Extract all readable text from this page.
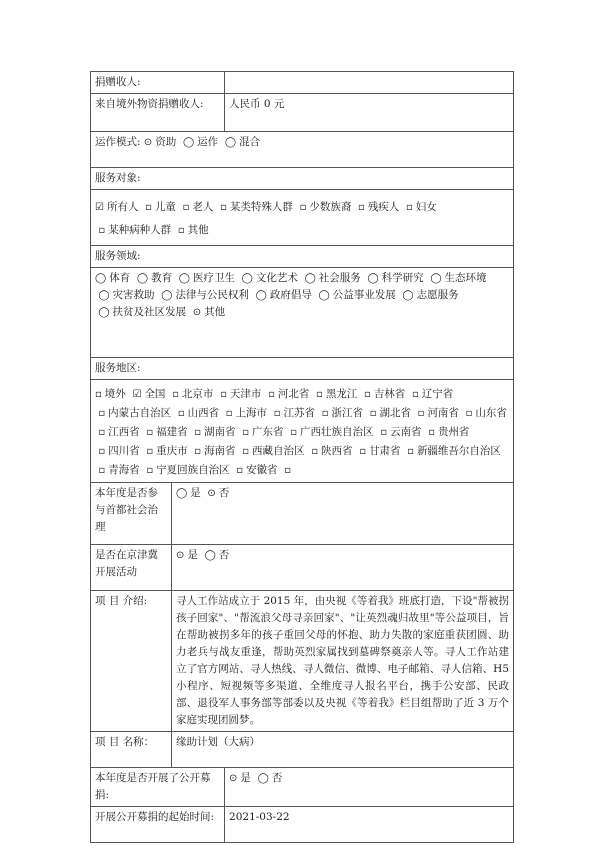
捐赠收人:		
来自境外物资捐赠收人:		人民币 0 元
运作模式: ⊙ 资助 ◯ 运作 ◯ 混合		
服务对象:		
☑ 所有人 ▫ 儿童 ▫ 老人 ▫ 某类特殊人群 ▫ 少数族裔 ▫ 残疾人 ▫ 妇女  ▫ 某种病种人群 ▫ 其他		
服务领域:		
◯ 体育 ◯ 教育 ◯ 医疗卫生 ◯ 文化艺术 ◯ 社会服务 ◯ 科学研究 ◯ 生态环境  ◯ 灾害救助 ◯ 法律与公民权利 ◯ 政府倡导 ◯ 公益事业发展 ◯ 志愿服务  ◯ 扶贫及社区发展 ⊙ 其他		
服务地区:		
▫ 境外 ☑ 全国 ▫ 北京市 ▫ 天津市 ▫ 河北省 ▫ 黑龙江 ▫ 吉林省 ▫ 辽宁省  ▫ 内蒙古自治区 ▫ 山西省 ▫ 上海市 ▫ 江苏省 ▫ 浙江省 ▫ 湖北省 ▫ 河南省 ▫ 山东省  ▫ 江西省 ▫ 福建省 ▫ 湖南省 ▫ 广东省 ▫ 广西壮族自治区 ▫ 云南省 ▫ 贵州省  ▫ 四川省 ▫ 重庆市 ▫ 海南省 ▫ 西藏自治区 ▫ 陕西省 ▫ 甘肃省 ▫ 新疆维吾尔自治区  ▫ 青海省 ▫ 宁夏回族自治区 ▫ 安徽省 ▫		
本年度是否参与首都社会治理	◯ 是 ⊙ 否	
是否在京津冀开展活动	⊙ 是 ◯ 否	
项 目 介绍:	寻人工作站成立于 2015 年，由央视《等着我》班底打造，下设"帮被拐孩子回家"、"帮流浪父母寻亲回家"、"让英烈魂归故里"等公益项目，旨在帮助被拐多年的孩子重回父母的怀抱、助力失散的家庭重获团圆、助力老兵与战友重逢，帮助英烈家属找到墓碑祭奠亲人等。寻人工作站建立了官方网站、寻人热线、寻人微信、微博、电子邮箱、寻人信箱、H5 小程序、短视频等多渠道、全维度寻人报名平台，携手公安部、民政部、退役军人事务部等部委以及央视《等着我》栏目组帮助了近 3 万个家庭实现团圆梦。	
项 目 名称：	缘助计划（大病）	
本年度是否开展了公开募捐:		⊙ 是 ◯ 否
开展公开募捐的起始时间:		2021-03-22
